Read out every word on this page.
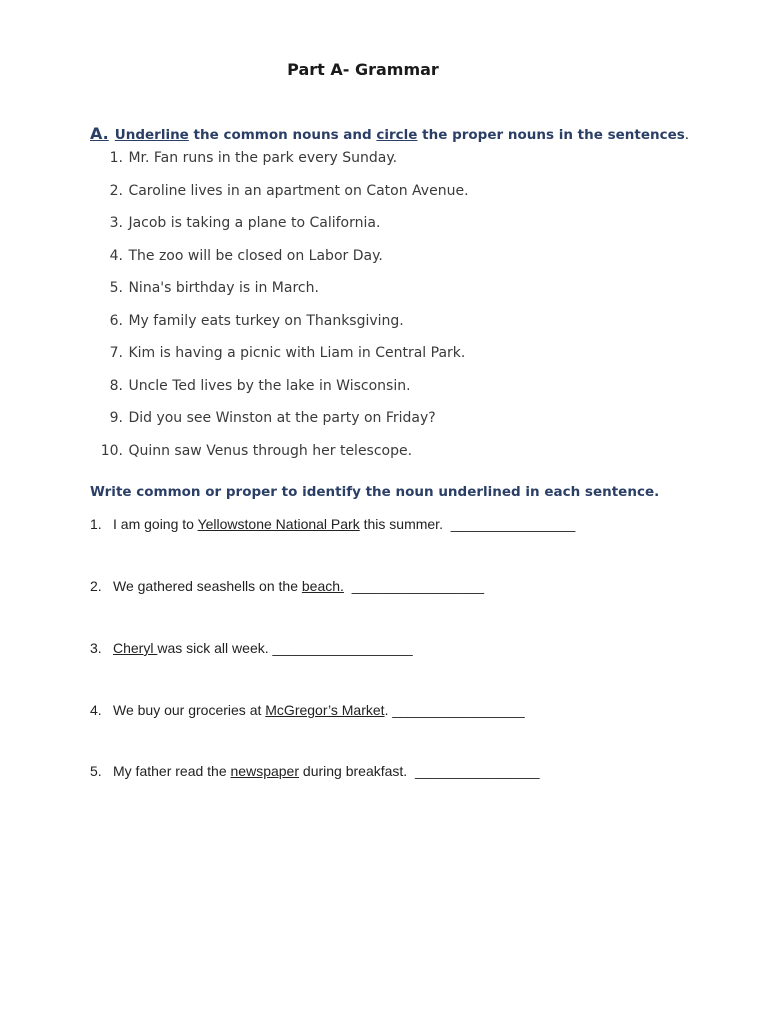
Part A- Grammar
A. Underline the common nouns and circle the proper nouns in the sentences.
1. Mr. Fan runs in the park every Sunday.
2. Caroline lives in an apartment on Caton Avenue.
3. Jacob is taking a plane to California.
4. The zoo will be closed on Labor Day.
5. Nina's birthday is in March.
6. My family eats turkey on Thanksgiving.
7. Kim is having a picnic with Liam in Central Park.
8. Uncle Ted lives by the lake in Wisconsin.
9. Did you see Winston at the party on Friday?
10. Quinn saw Venus through her telescope.
Write common or proper to identify the noun underlined in each sentence.
1. I am going to Yellowstone National Park this summer.  ________________
2. We gathered seashells on the beach. _________________
3. Cheryl was sick all week. __________________
4. We buy our groceries at McGregor’s Market. _________________
5. My father read the newspaper during breakfast.  ________________
